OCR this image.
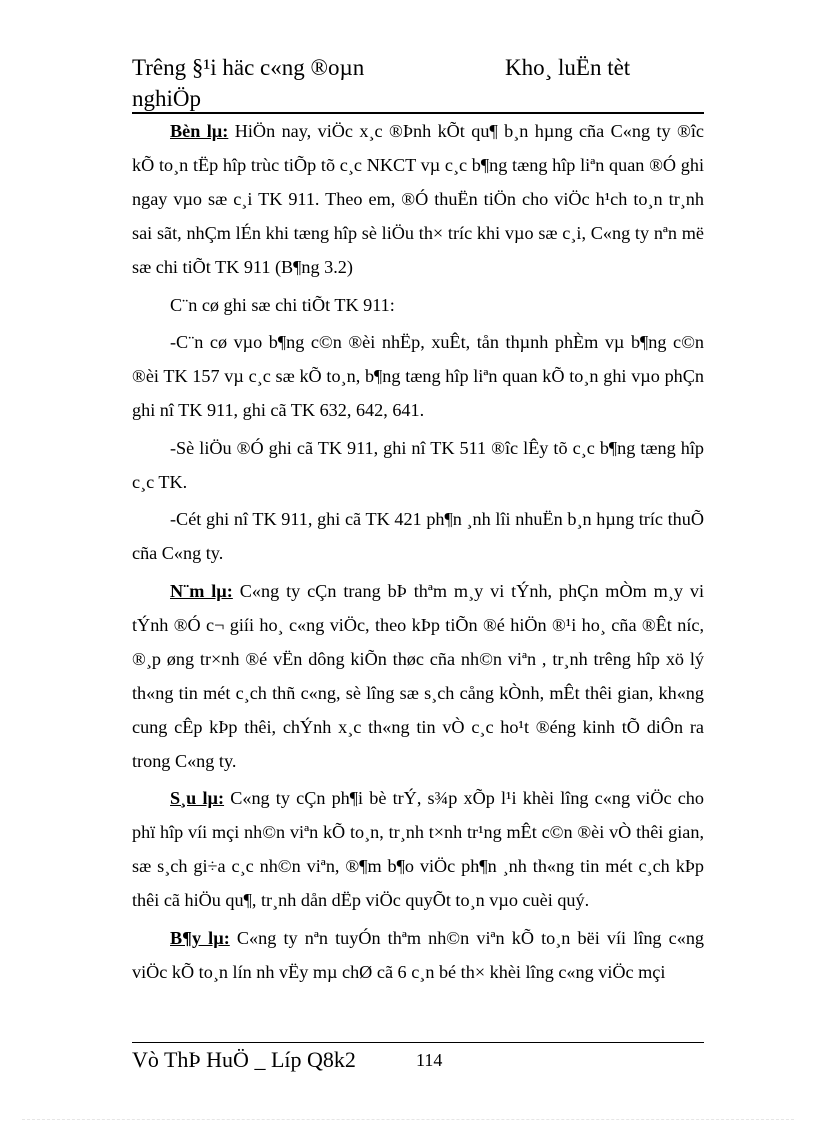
Trêng §¹i häc c«ng ®oµn
nghiÖp
Kho¸ luËn tèt

Bèn lµ: HiÖn nay, viÖc x¸c ®Þnh kÕt qu¶ b¸n hµng cña C«ng ty ®îc kÕ to¸n tËp hîp trùc tiÕp tõ c¸c NKCT vµ c¸c b¶ng tæng hîp liªn quan ®Ó ghi ngay vµo sæ c¸i TK 911. Theo em, ®Ó thuËn tiÖn cho viÖc h¹ch to¸n tr¸nh sai sãt, nhÇm lÉn khi tæng hîp sè liÖu th× tríc khi vµo sæ c¸i, C«ng ty nªn më sæ chi tiÕt TK 911 (B¶ng 3.2)

C¨n cø ghi sæ chi tiÕt TK 911:

-C¨n cø vµo b¶ng c©n ®èi nhËp, xuÊt, tån thµnh phÈm vµ b¶ng c©n ®èi TK 157 vµ c¸c sæ kÕ to¸n, b¶ng tæng hîp liªn quan kÕ to¸n ghi vµo phÇn ghi nî TK 911, ghi cã TK 632, 642, 641.

-Sè liÖu ®Ó ghi cã TK 911, ghi nî TK 511 ®îc lÊy tõ c¸c b¶ng tæng hîp c¸c TK.

-Cét ghi nî TK 911, ghi cã TK 421 ph¶n ¸nh lîi nhuËn b¸n hµng tríc thuÕ cña C«ng ty.

N¨m lµ: C«ng ty cÇn trang bÞ thªm m¸y vi tÝnh, phÇn mÒm m¸y vi tÝnh ®Ó c¬ giíi ho¸ c«ng viÖc, theo kÞp tiÕn ®é hiÖn ®¹i ho¸ cña ®Êt níc, ®¸p øng tr×nh ®é vËn dông kiÕn thøc cña nh©n viªn , tr¸nh trêng hîp xö lý th«ng tin mét c¸ch thñ c«ng, sè lîng sæ s¸ch cång kÒnh, mÊt thêi gian, kh«ng cung cÊp kÞp thêi, chÝnh x¸c th«ng tin vÒ c¸c ho¹t ®éng kinh tÕ diÔn ra trong C«ng ty.

S¸u lµ: C«ng ty cÇn ph¶i bè trÝ, s¾p xÕp l¹i khèi lîng c«ng viÖc cho phï hîp víi mçi nh©n viªn kÕ to¸n, tr¸nh t×nh tr¹ng mÊt c©n ®èi vÒ thêi gian, sæ s¸ch gi÷a c¸c nh©n viªn, ®¶m b¶o viÖc ph¶n ¸nh th«ng tin mét c¸ch kÞp thêi cã hiÖu qu¶, tr¸nh dån dËp viÖc quyÕt to¸n vµo cuèi quý.

B¶y lµ: C«ng ty nªn tuyÓn thªm nh©n viªn kÕ to¸n bëi víi lîng c«ng viÖc kÕ to¸n lín nh vËy mµ chØ cã 6 c¸n bé th× khèi lîng c«ng viÖc mçi

Vò ThÞ HuÖ _ Líp Q8k2	114
